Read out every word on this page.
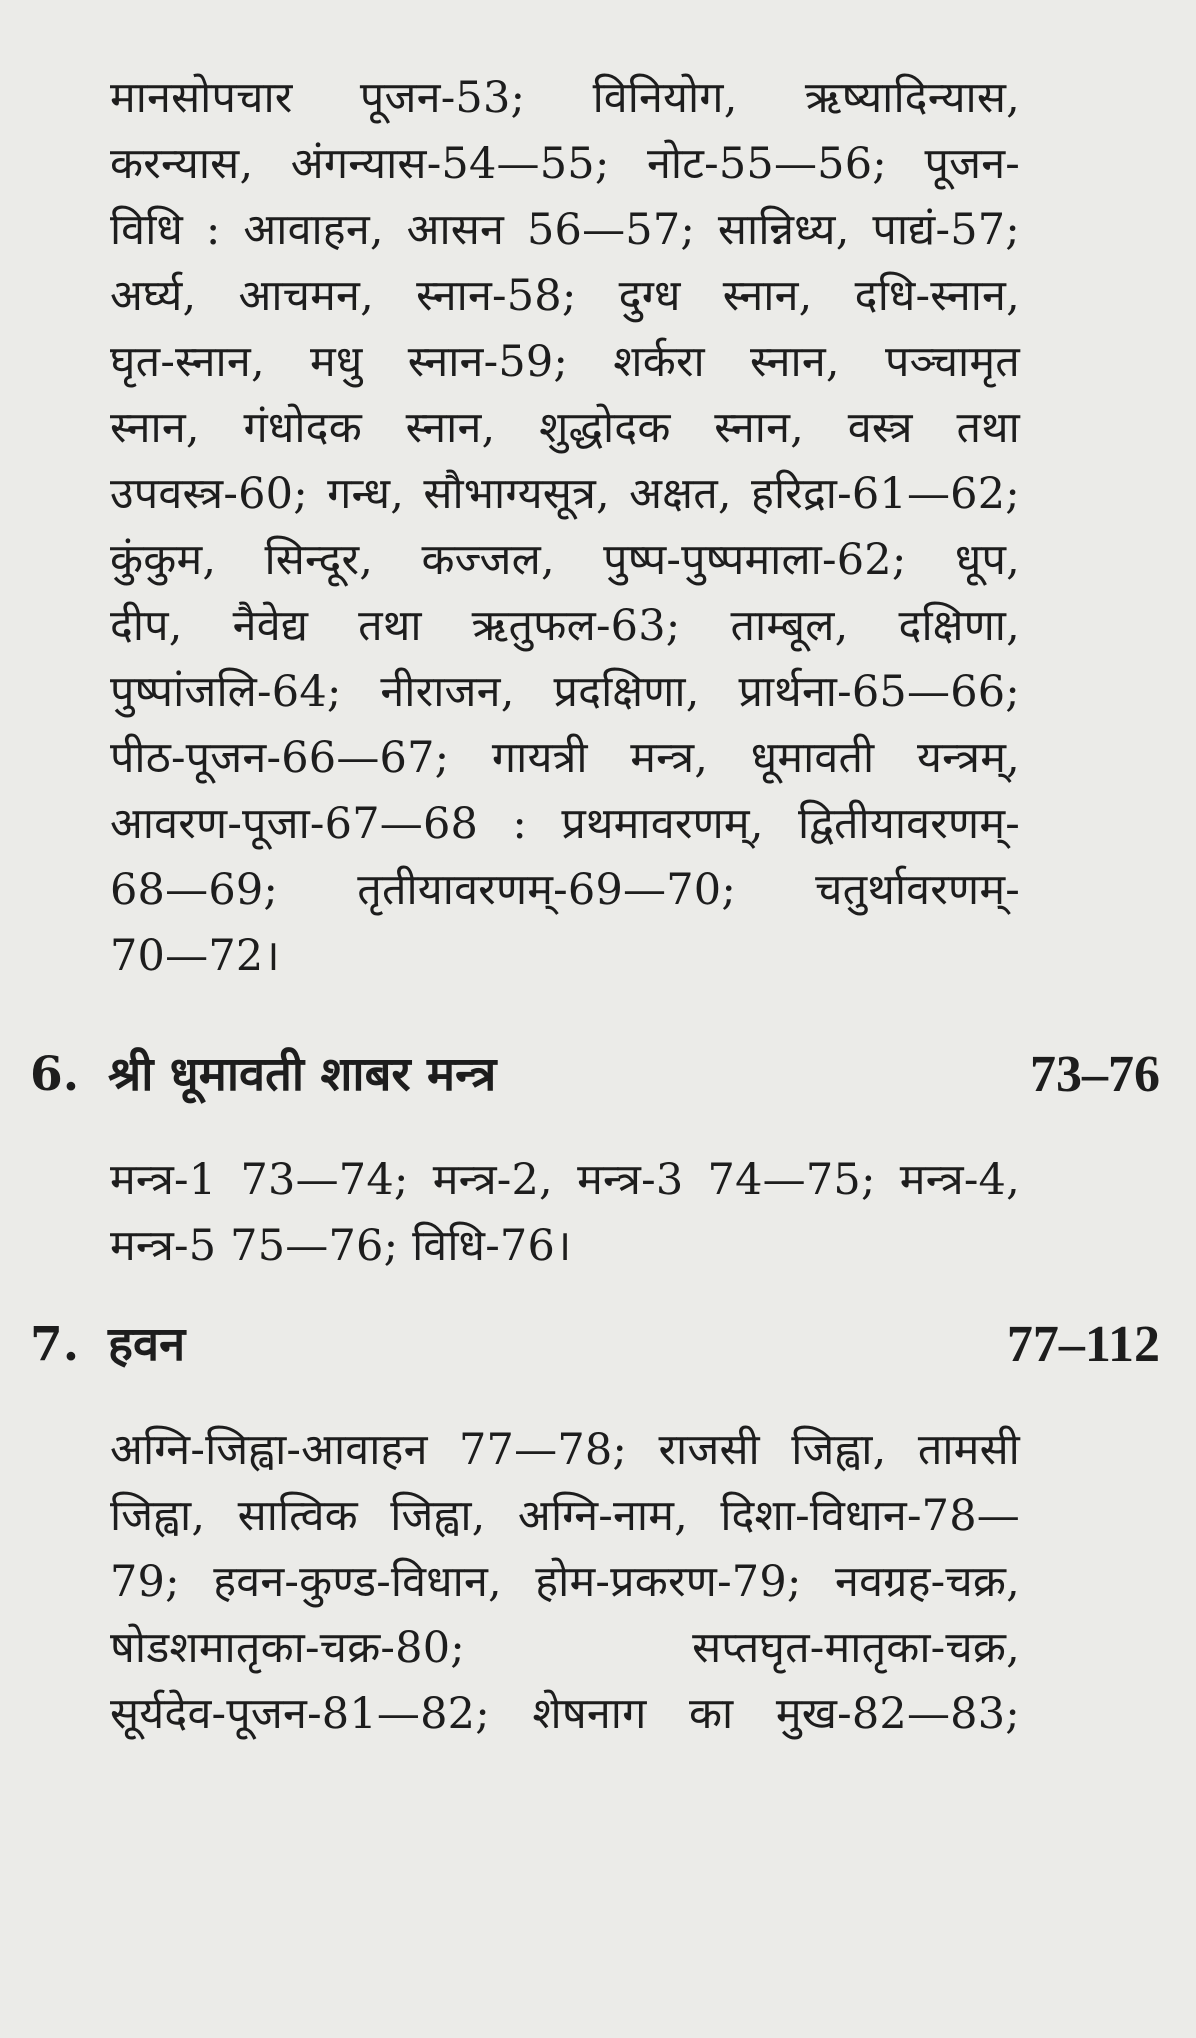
मानसोपचार पूजन-53; विनियोग, ऋष्यादिन्यास,
करन्यास, अंगन्यास-54—55; नोट-55—56; पूजन-
विधि : आवाहन, आसन 56—57; सान्निध्य, पाद्यं-57;
अर्घ्य, आचमन, स्नान-58; दुग्ध स्नान, दधि-स्नान,
घृत-स्नान, मधु स्नान-59; शर्करा स्नान, पञ्चामृत
स्नान, गंधोदक स्नान, शुद्धोदक स्नान, वस्त्र तथा
उपवस्त्र-60; गन्ध, सौभाग्यसूत्र, अक्षत, हरिद्रा-61—62;
कुंकुम, सिन्दूर, कज्जल, पुष्प-पुष्पमाला-62; धूप,
दीप, नैवेद्य तथा ऋतुफल-63; ताम्बूल, दक्षिणा,
पुष्पांजलि-64; नीराजन, प्रदक्षिणा, प्रार्थना-65—66;
पीठ-पूजन-66—67; गायत्री मन्त्र, धूमावती यन्त्रम्,
आवरण-पूजा-67—68 : प्रथमावरणम्, द्वितीयावरणम्-
68—69; तृतीयावरणम्-69—70; चतुर्थावरणम्-
70—72।
6. श्री धूमावती शाबर मन्त्र	73–76
मन्त्र-1 73—74; मन्त्र-2, मन्त्र-3 74—75; मन्त्र-4,
मन्त्र-5 75—76; विधि-76।
7. हवन	77–112
अग्नि-जिह्वा-आवाहन 77—78; राजसी जिह्वा, तामसी
जिह्वा, सात्विक जिह्वा, अग्नि-नाम, दिशा-विधान-78—
79; हवन-कुण्ड-विधान, होम-प्रकरण-79; नवग्रह-चक्र,
षोडशमातृका-चक्र-80; सप्तघृत-मातृका-चक्र,
सूर्यदेव-पूजन-81—82; शेषनाग का मुख-82—83;
